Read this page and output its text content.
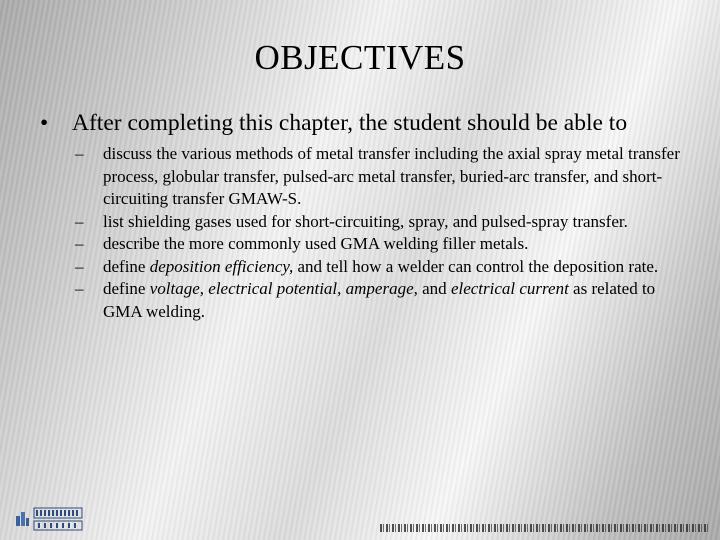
OBJECTIVES
• After completing this chapter, the student should be able to
– discuss the various methods of metal transfer including the axial spray metal transfer process, globular transfer, pulsed-arc metal transfer, buried-arc transfer, and short-circuiting transfer GMAW-S.
– list shielding gases used for short-circuiting, spray, and pulsed-spray transfer.
– describe the more commonly used GMA welding filler metals.
– define deposition efficiency, and tell how a welder can control the deposition rate.
– define voltage, electrical potential, amperage, and electrical current as related to GMA welding.
